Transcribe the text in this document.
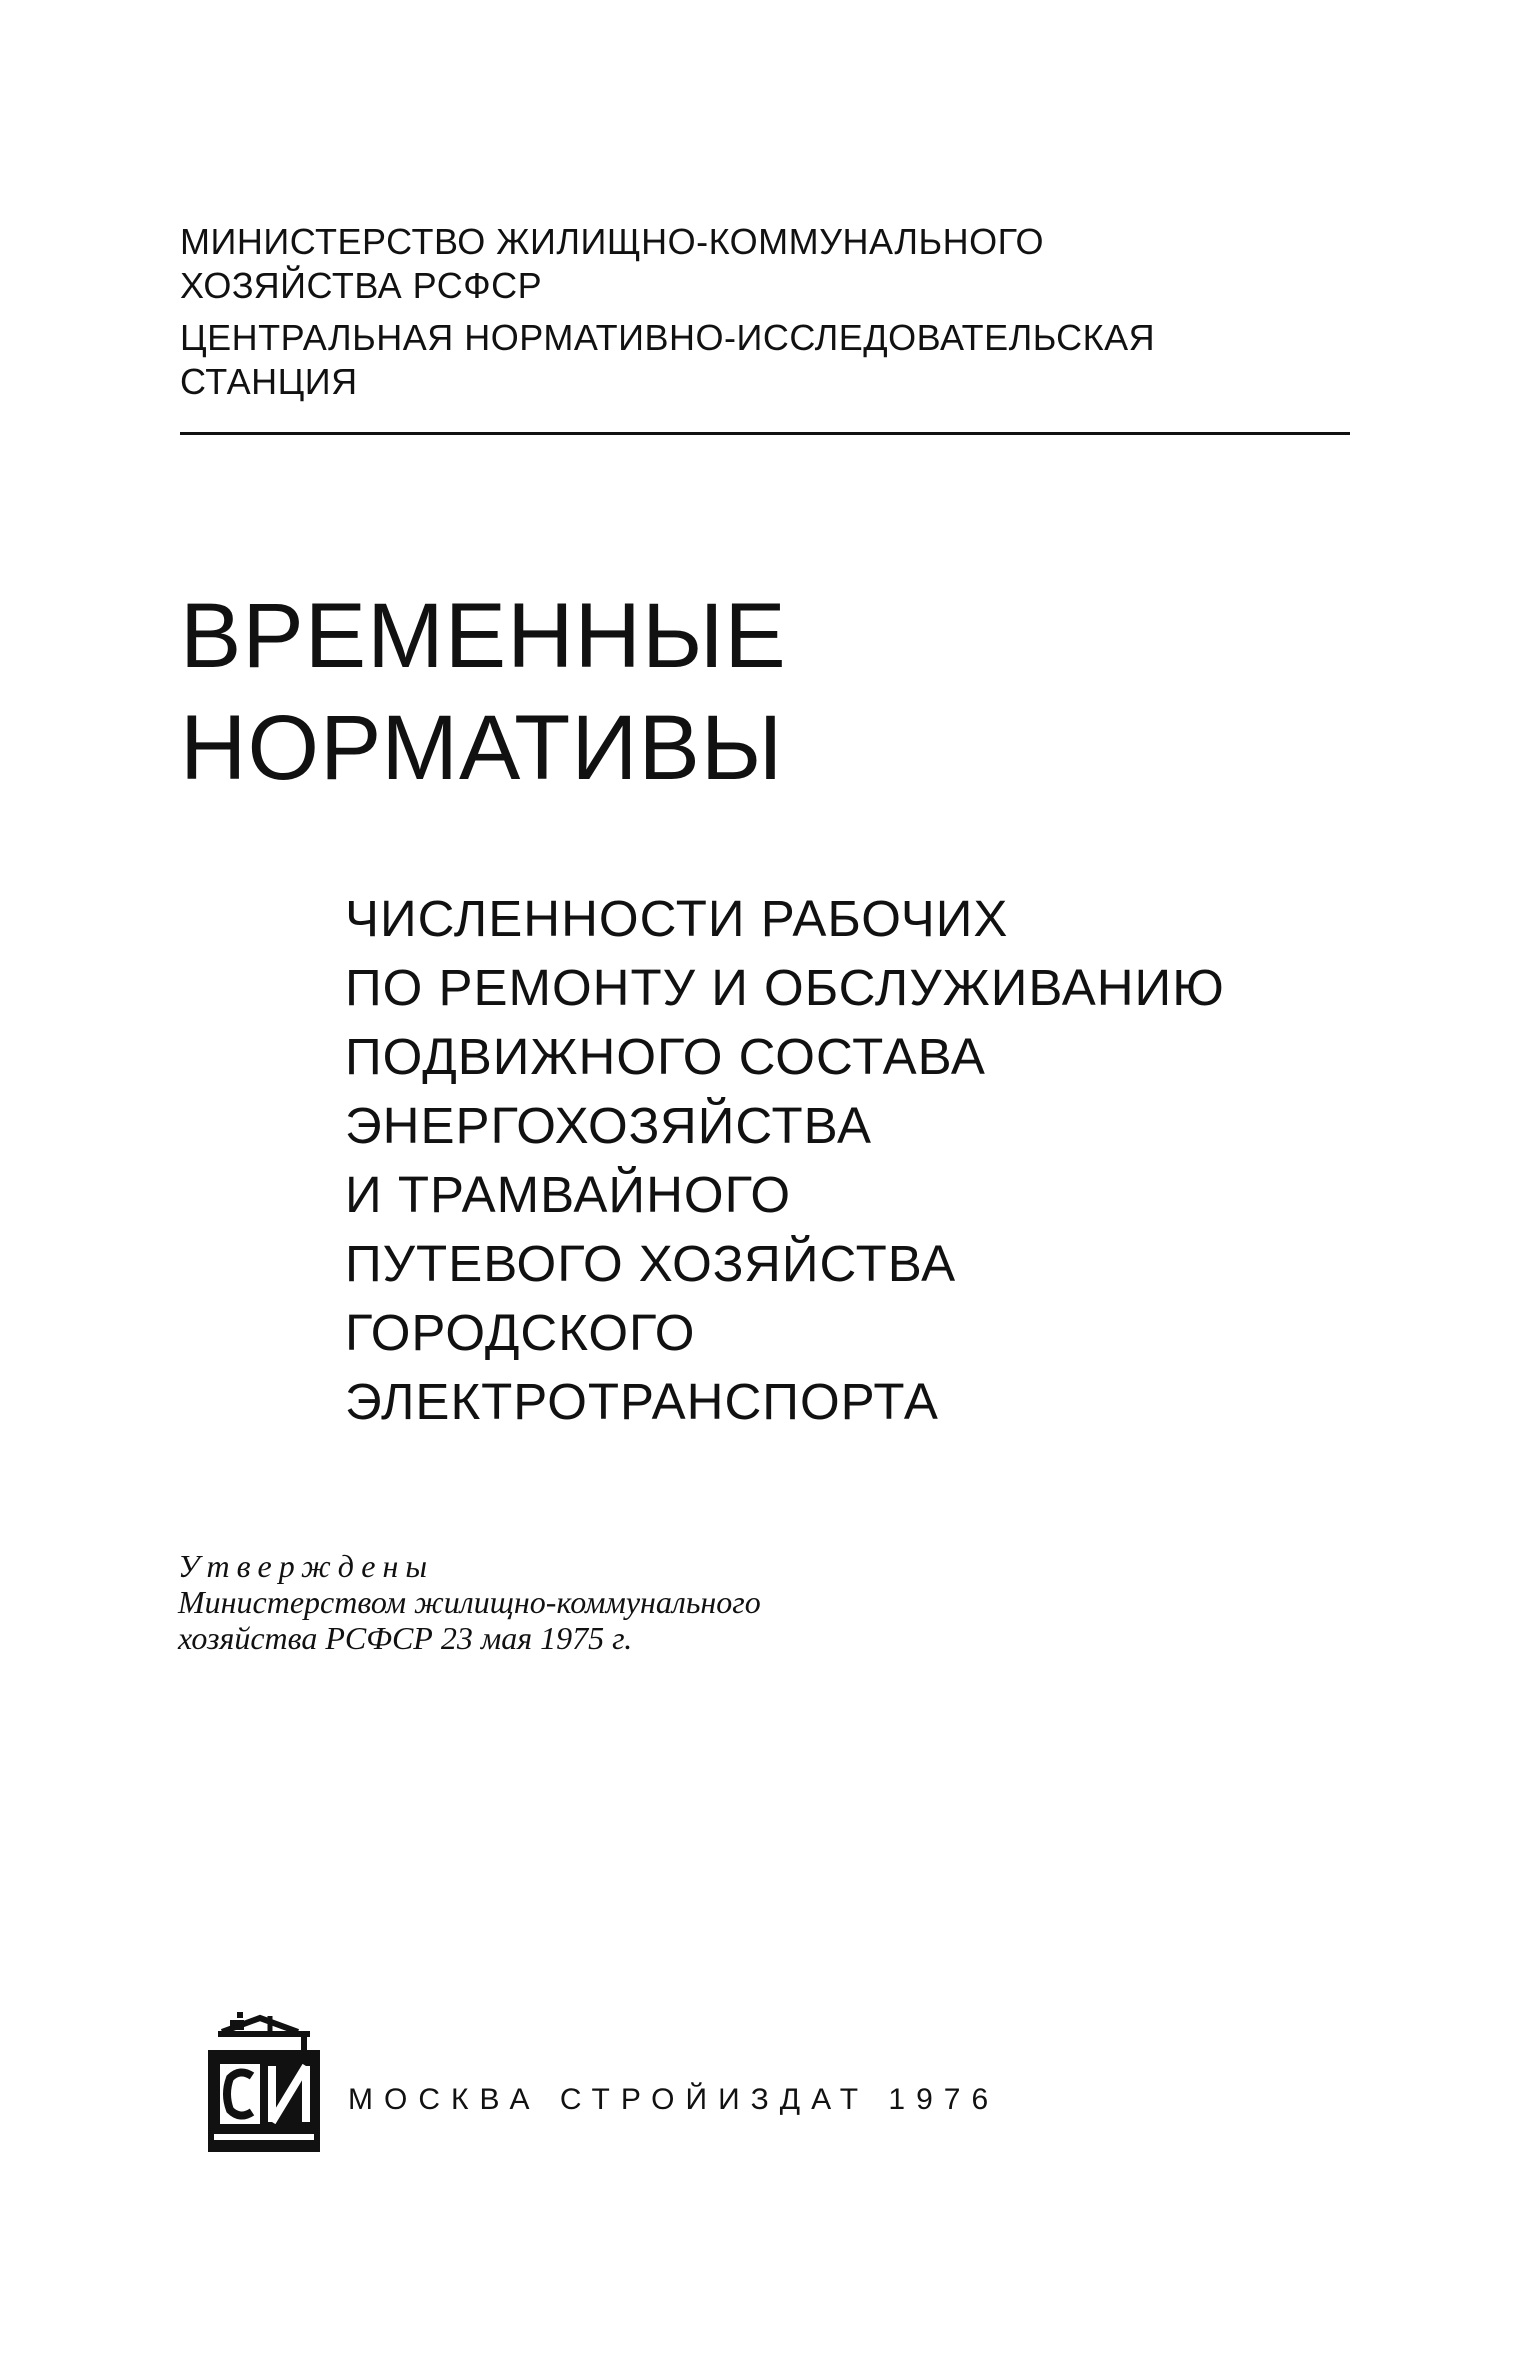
МИНИСТЕРСТВО ЖИЛИЩНО-КОММУНАЛЬНОГО
ХОЗЯЙСТВА РСФСР
ЦЕНТРАЛЬНАЯ НОРМАТИВНО-ИССЛЕДОВАТЕЛЬСКАЯ
СТАНЦИЯ
ВРЕМЕННЫЕ
НОРМАТИВЫ
ЧИСЛЕННОСТИ РАБОЧИХ
ПО РЕМОНТУ И ОБСЛУЖИВАНИЮ
ПОДВИЖНОГО СОСТАВА
ЭНЕРГОХОЗЯЙСТВА
И ТРАМВАЙНОГО
ПУТЕВОГО ХОЗЯЙСТВА
ГОРОДСКОГО
ЭЛЕКТРОТРАНСПОРТА
Утверждены
Министерством жилищно-коммунального
хозяйства РСФСР 23 мая 1975 г.
МОСКВА СТРОЙИЗДАТ 1976
